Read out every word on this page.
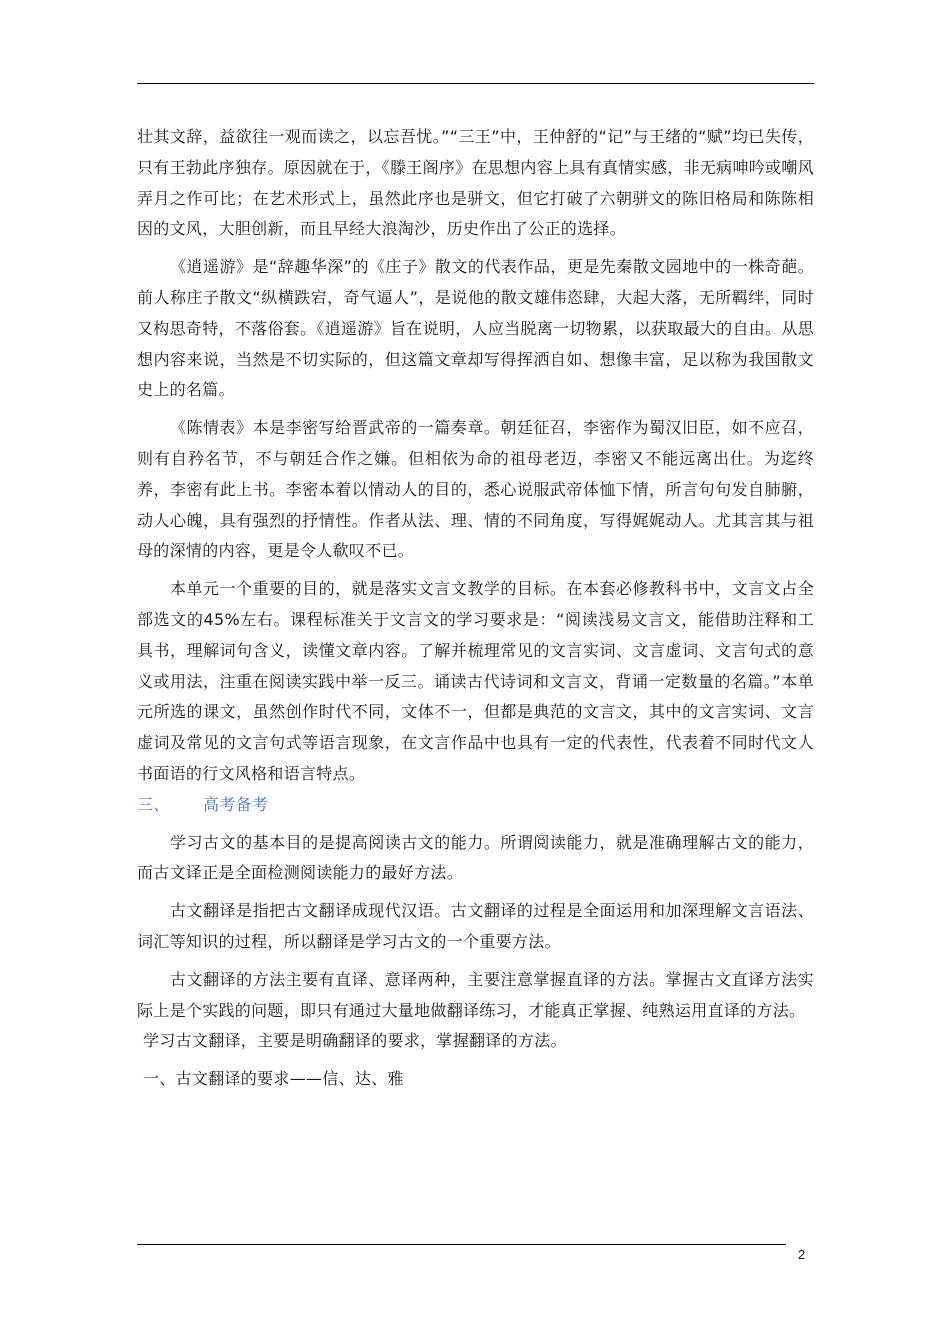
壮其文辞，益欲往一观而读之，以忘吾忧。”“三王”中，王仲舒的“记”与王绪的“赋”均已失传，只有王勃此序独存。原因就在于，《滕王阁序》在思想内容上具有真情实感，非无病呻吟或嘲风弄月之作可比；在艺术形式上，虽然此序也是骈文，但它打破了六朝骈文的陈旧格局和陈陈相因的文风，大胆创新，而且早经大浪淘沙，历史作出了公正的选择。

《逍遥游》是“辞趣华深”的《庄子》散文的代表作品，更是先秦散文园地中的一株奇葩。前人称庄子散文“纵横跌宕，奇气逼人”，是说他的散文雄伟恣肆，大起大落，无所羁绊，同时又构思奇特，不落俗套。《逍遥游》旨在说明，人应当脱离一切物累，以获取最大的自由。从思想内容来说，当然是不切实际的，但这篇文章却写得挥洒自如、想像丰富，足以称为我国散文史上的名篇。

《陈情表》本是李密写给晋武帝的一篇奏章。朝廷征召，李密作为蜀汉旧臣，如不应召，则有自矜名节，不与朝廷合作之嫌。但相依为命的祖母老迈，李密又不能远离出仕。为迄终养，李密有此上书。李密本着以情动人的目的，悉心说服武帝体恤下情，所言句句发自肺腑，动人心魄，具有强烈的抒情性。作者从法、理、情的不同角度，写得娓娓动人。尤其言其与祖母的深情的内容，更是令人欷叹不已。

本单元一个重要的目的，就是落实文言文教学的目标。在本套必修教科书中，文言文占全部选文的45%左右。课程标准关于文言文的学习要求是：“阅读浅易文言文，能借助注释和工具书，理解词句含义，读懂文章内容。了解并梳理常见的文言实词、文言虚词、文言句式的意义或用法，注重在阅读实践中举一反三。诵读古代诗词和文言文，背诵一定数量的名篇。”本单元所选的课文，虽然创作时代不同，文体不一，但都是典范的文言文，其中的文言实词、文言虚词及常见的文言句式等语言现象，在文言作品中也具有一定的代表性，代表着不同时代文人书面语的行文风格和语言特点。

三、 高考备考

学习古文的基本目的是提高阅读古文的能力。所谓阅读能力，就是准确理解古文的能力，而古文译正是全面检测阅读能力的最好方法。

古文翻译是指把古文翻译成现代汉语。古文翻译的过程是全面运用和加深理解文言语法、词汇等知识的过程，所以翻译是学习古文的一个重要方法。

古文翻译的方法主要有直译、意译两种，主要注意掌握直译的方法。掌握古文直译方法实际上是个实践的问题，即只有通过大量地做翻译练习，才能真正掌握、纯熟运用直译的方法。

学习古文翻译，主要是明确翻译的要求，掌握翻译的方法。

一、古文翻译的要求——信、达、雅

2
